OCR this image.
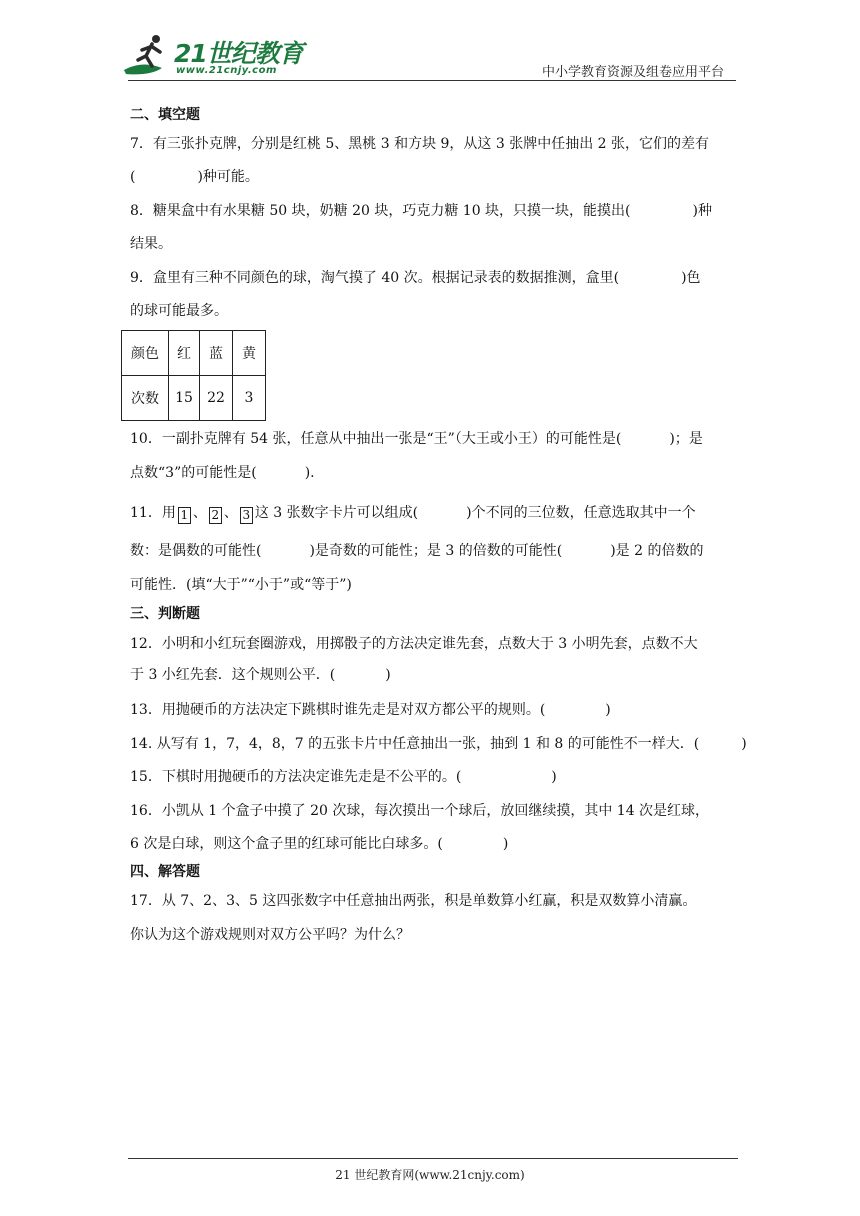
21世纪教育
www.21cnjy.com	中小学教育资源及组卷应用平台
二、填空题
7．有三张扑克牌，分别是红桃 5、黑桃 3 和方块 9，从这 3 张牌中任抽出 2 张，它们的差有
(	)种可能。
8．糖果盒中有水果糖 50 块，奶糖 20 块，巧克力糖 10 块，只摸一块，能摸出(	)种
结果。
9．盒里有三种不同颜色的球，淘气摸了 40 次。根据记录表的数据推测，盒里(	)色
的球可能最多。
颜色	红	蓝	黄
次数	15	22	3
10．一副扑克牌有 54 张，任意从中抽出一张是“王”（大王或小王）的可能性是(	)；是
点数“3”的可能性是(	).
11．用 1 、 2 、 3 这 3 张数字卡片可以组成(	)个不同的三位数，任意选取其中一个
数：是偶数的可能性(	)是奇数的可能性；是 3 的倍数的可能性(	)是 2 的倍数的
可能性．(填“大于”“小于”或“等于”)
三、判断题
12．小明和小红玩套圈游戏，用掷骰子的方法决定谁先套，点数大于 3 小明先套，点数不大
于 3 小红先套．这个规则公平．(	)
13．用抛硬币的方法决定下跳棋时谁先走是对双方都公平的规则。(	)
14. 从写有 1，7，4，8，7 的五张卡片中任意抽出一张，抽到 1 和 8 的可能性不一样大．(	)
15．下棋时用抛硬币的方法决定谁先走是不公平的。(	)
16．小凯从 1 个盒子中摸了 20 次球，每次摸出一个球后，放回继续摸，其中 14 次是红球，
6 次是白球，则这个盒子里的红球可能比白球多。(	)
四、解答题
17．从 7、2、3、5 这四张数字中任意抽出两张，积是单数算小红赢，积是双数算小清赢。
你认为这个游戏规则对双方公平吗？为什么？
21 世纪教育网(www.21cnjy.com)
